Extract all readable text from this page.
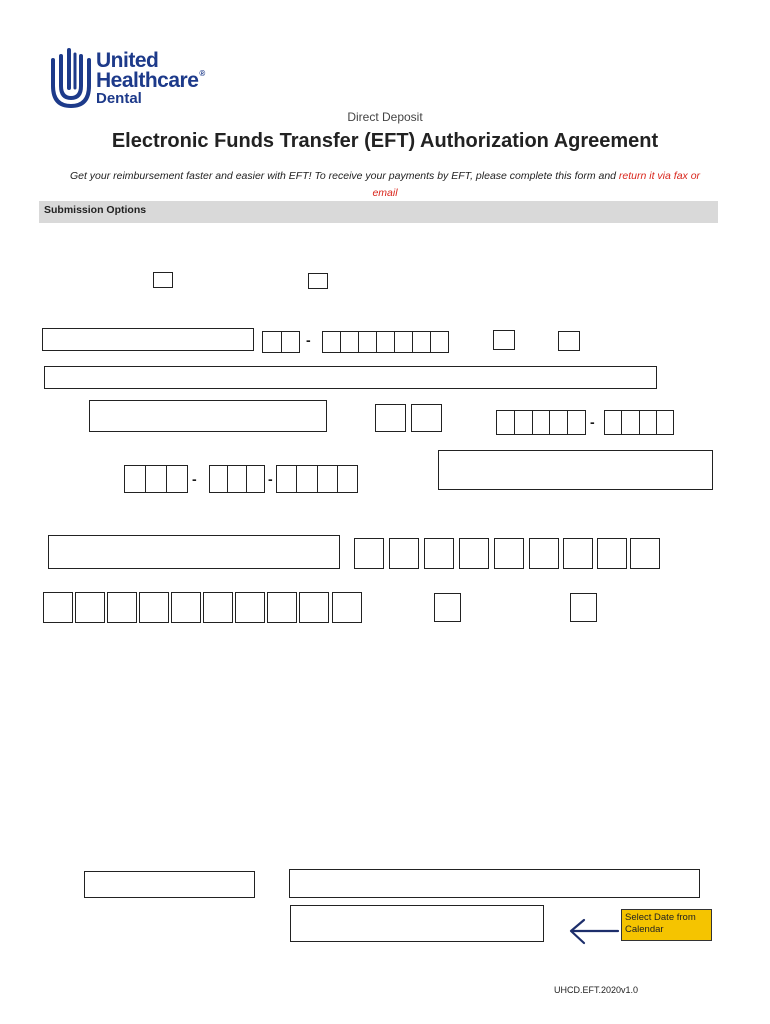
United
Healthcare®
Dental
Direct Deposit
Electronic Funds Transfer (EFT) Authorization Agreement
Get your reimbursement faster and easier with EFT! To receive your payments by EFT, please complete this form and return it via fax or email
Submission Options
-
-
-	-
Select Date from Calendar
UHCD.EFT.2020v1.0
